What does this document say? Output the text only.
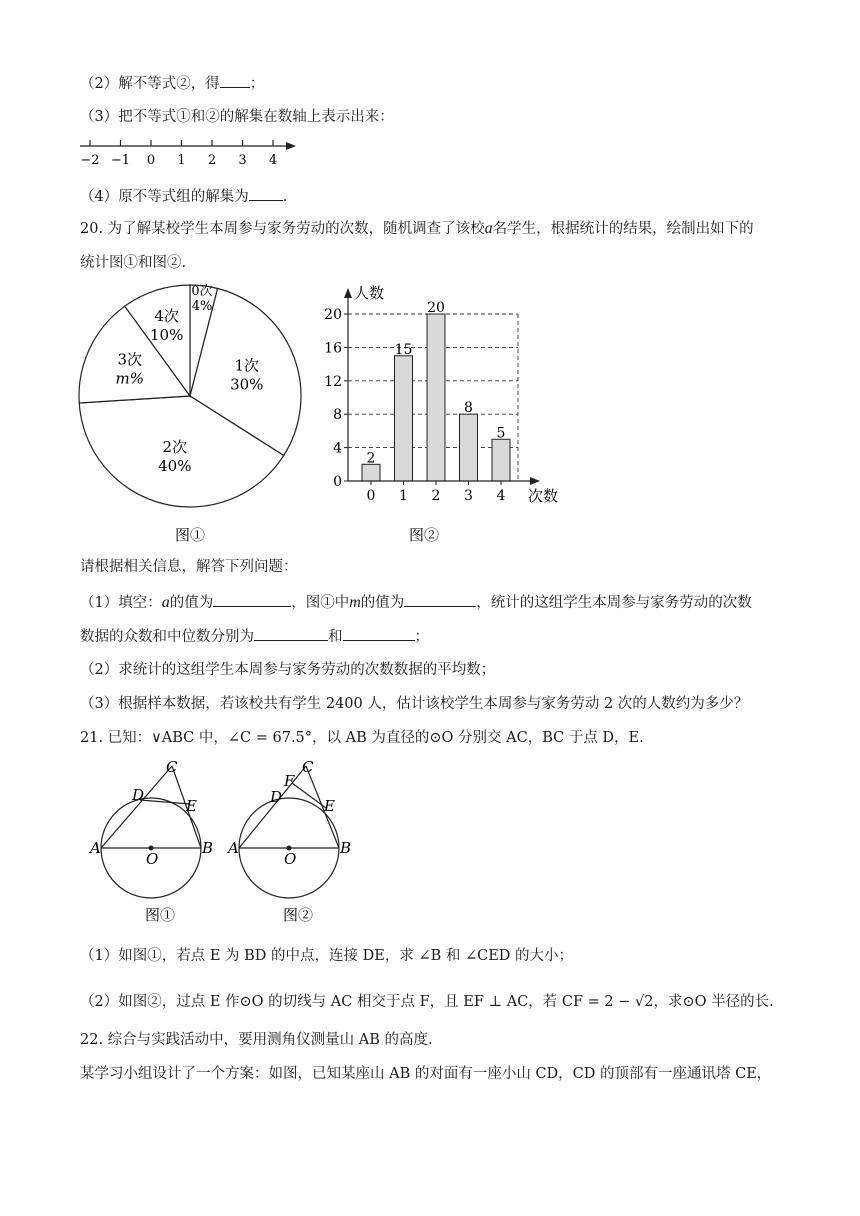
（2）解不等式②，得 ；
（3）把不等式①和②的解集在数轴上表示出来：
−2 −1 0 1 2 3 4
（4）原不等式组的解集为 .
20. 为了解某校学生本周参与家务劳动的次数，随机调查了该校a名学生，根据统计的结果，绘制出如下的
统计图①和图②.
0次
4%
1次
30%
2次
40%
3次
m%
4次
10%
图①
人数
次数
0
4
8
12
16
20
0 1 2 3 4
2
15
20
8
5
图②
请根据相关信息，解答下列问题：
（1）填空：a的值为	，图①中m的值为	，统计的这组学生本周参与家务劳动的次数
数据的众数和中位数分别为	和	；
（2）求统计的这组学生本周参与家务劳动的次数数据的平均数；
（3）根据样本数据，若该校共有学生 2400 人，估计该校学生本周参与家务劳动 2 次的人数约为多少？
21. 已知：∨ABC 中，∠C = 67.5°，以 AB 为直径的⊙O 分别交 AC，BC 于点 D，E.
A	B
C
D
E
O
图①
A	B
C
D	E
F
O
图②
（1）如图①，若点 E 为 BD 的中点，连接 DE，求 ∠B 和 ∠CED 的大小；
（2）如图②，过点 E 作⊙O 的切线与 AC 相交于点 F，且 EF ⊥ AC，若 CF = 2 − √2，求⊙O 半径的长.
22. 综合与实践活动中，要用测角仪测量山 AB 的高度.
某学习小组设计了一个方案：如图，已知某座山 AB 的对面有一座小山 CD，CD 的顶部有一座通讯塔 CE，
